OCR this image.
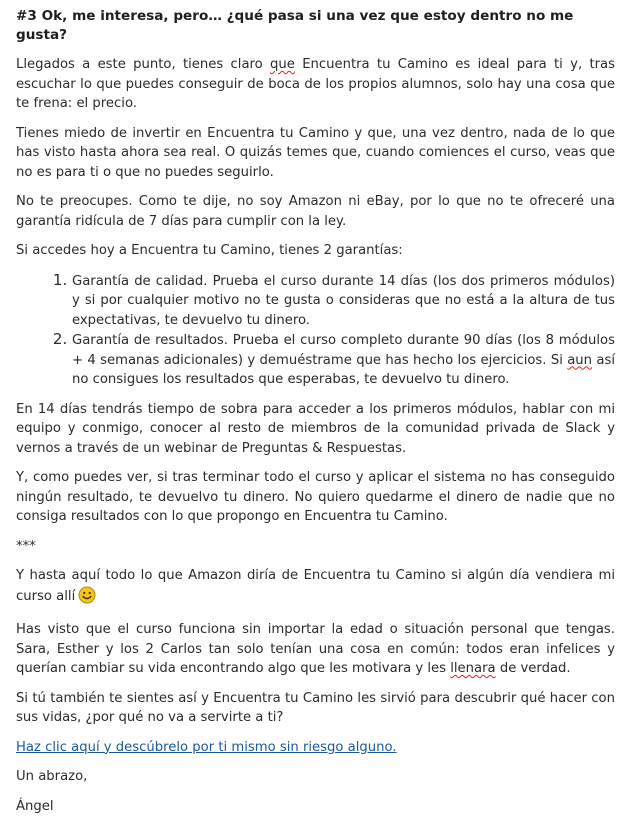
#3 Ok, me interesa, pero… ¿qué pasa si una vez que estoy dentro no me gusta?

Llegados a este punto, tienes claro que Encuentra tu Camino es ideal para ti y, tras escuchar lo que puedes conseguir de boca de los propios alumnos, solo hay una cosa que te frena: el precio.

Tienes miedo de invertir en Encuentra tu Camino y que, una vez dentro, nada de lo que has visto hasta ahora sea real. O quizás temes que, cuando comiences el curso, veas que no es para ti o que no puedes seguirlo.

No te preocupes. Como te dije, no soy Amazon ni eBay, por lo que no te ofreceré una garantía ridícula de 7 días para cumplir con la ley.

Si accedes hoy a Encuentra tu Camino, tienes 2 garantías:

1. Garantía de calidad. Prueba el curso durante 14 días (los dos primeros módulos) y si por cualquier motivo no te gusta o consideras que no está a la altura de tus expectativas, te devuelvo tu dinero.
2. Garantía de resultados. Prueba el curso completo durante 90 días (los 8 módulos + 4 semanas adicionales) y demuéstrame que has hecho los ejercicios. Si aun así no consigues los resultados que esperabas, te devuelvo tu dinero.

En 14 días tendrás tiempo de sobra para acceder a los primeros módulos, hablar con mi equipo y conmigo, conocer al resto de miembros de la comunidad privada de Slack y vernos a través de un webinar de Preguntas & Respuestas.

Y, como puedes ver, si tras terminar todo el curso y aplicar el sistema no has conseguido ningún resultado, te devuelvo tu dinero. No quiero quedarme el dinero de nadie que no consiga resultados con lo que propongo en Encuentra tu Camino.

***

Y hasta aquí todo lo que Amazon diría de Encuentra tu Camino si algún día vendiera mi curso allí

Has visto que el curso funciona sin importar la edad o situación personal que tengas. Sara, Esther y los 2 Carlos tan solo tenían una cosa en común: todos eran infelices y querían cambiar su vida encontrando algo que les motivara y les llenara de verdad.

Si tú también te sientes así y Encuentra tu Camino les sirvió para descubrir qué hacer con sus vidas, ¿por qué no va a servirte a ti?

Haz clic aquí y descúbrelo por ti mismo sin riesgo alguno.

Un abrazo,

Ángel
